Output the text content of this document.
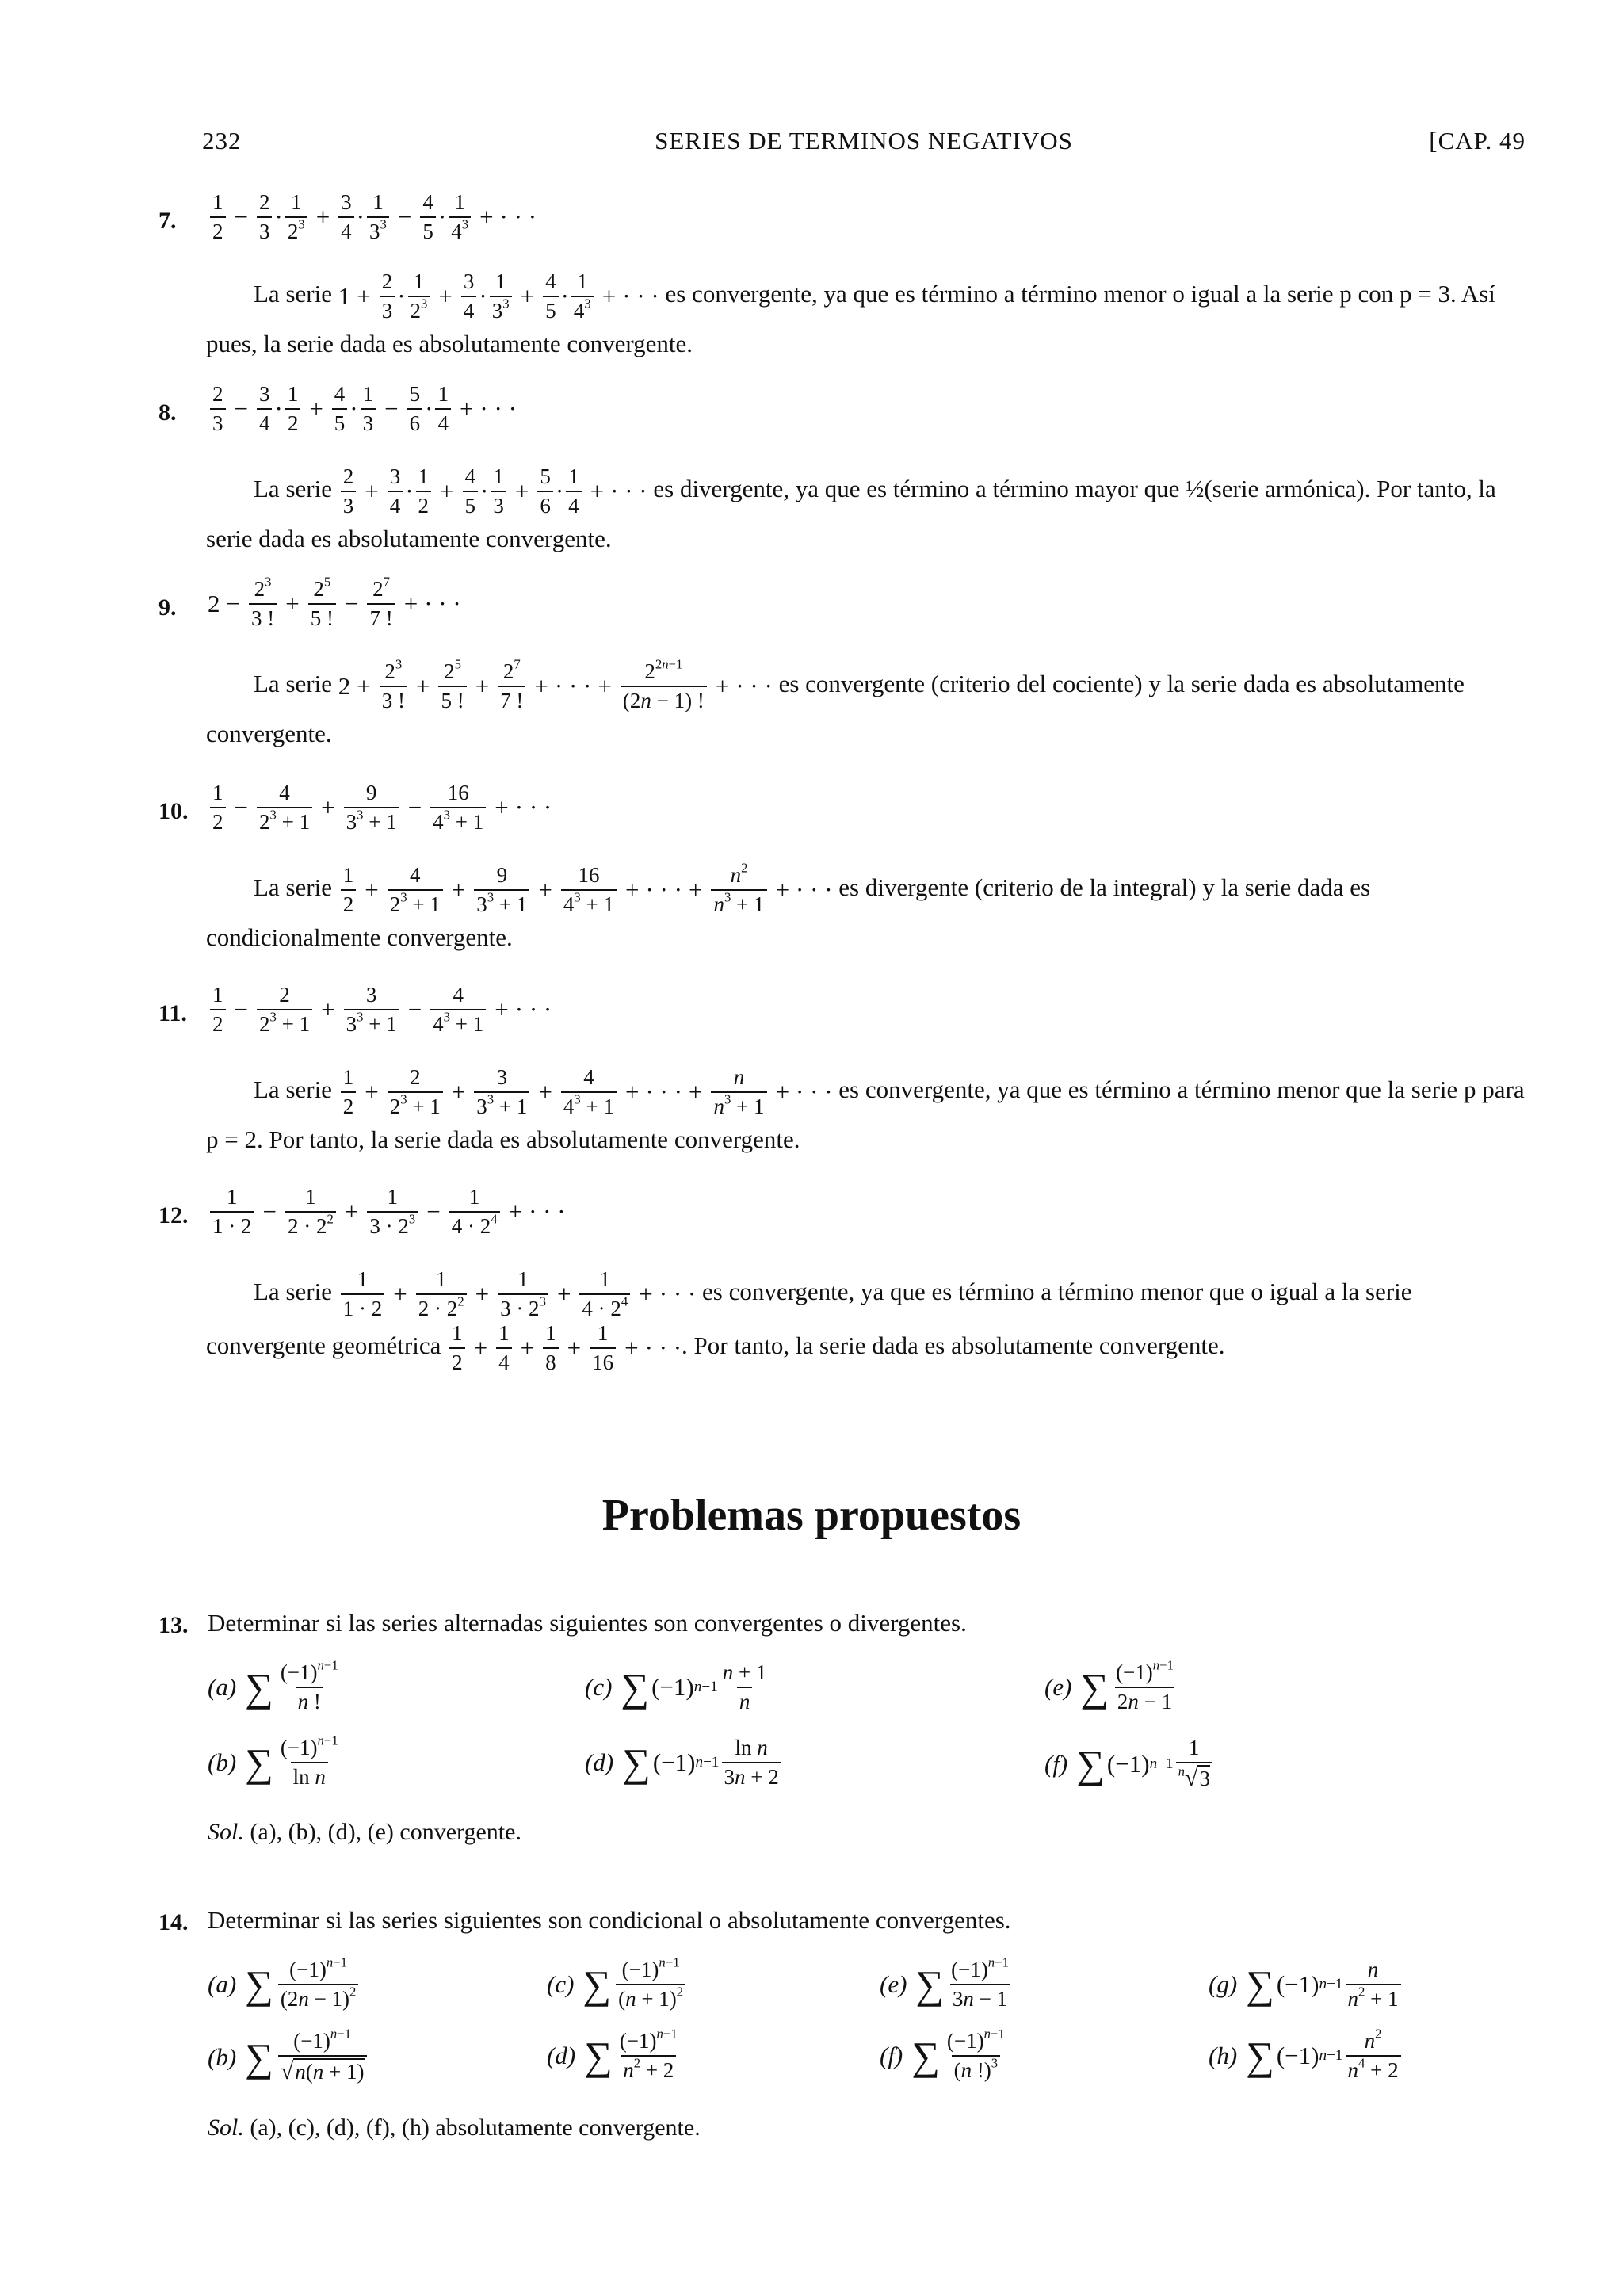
232	SERIES DE TERMINOS NEGATIVOS	[CAP. 49
7.
1
2
− $\frac{2}{3}$ ·
1
$2^3 + \frac{3}{4}$ ·
1
$3^3 - \frac{4}{5}$ ·
1
$4^3$ + · · ·
La serie $1 + \frac{2}{3}$ ·
1
$2^3 + \frac{3}{4}$ ·
1
$3^3 + \frac{4}{5}$ ·
1
$4^3$ + · · · es convergente, ya que es término a término menor o igual a la serie p con p = 3. Así pues, la serie dada es absolutamente convergente.
8.
2
3
− $\frac{3}{4}$ ·
1
2
+ $\frac{4}{5}$ ·
1
3
− $\frac{5}{6}$ ·
1
4
+ · · ·
La serie 2
3
+ $\frac{3}{4}$ ·
1
2
+ $\frac{4}{5}$ ·
1
3
+ $\frac{5}{6}$ ·
1
4
+ · · · es divergente, ya que es término a término mayor que ½(serie armónica). Por tanto, la serie dada es absolutamente convergente.
9. $2 - \frac{2^3}{3 !} + \frac{2^5}{5 !} - \frac{2^7}{7 !}$ + · · ·
La serie $2 + \frac{2^3}{3 !} + \frac{2^5}{5 !} + \frac{2^7}{7 !}$ + · · · + $\frac{2^{2n-1}}{(2n - 1) !}$ + · · · es convergente (criterio del cociente) y la serie dada es absolutamente convergente.
10.
1
2
− $\frac{4}{2^3 + 1} + \frac{9}{3^3 + 1} - \frac{16}{4^3 + 1}$ + · · ·
La serie 1
2
+ $\frac{4}{2^3 + 1} + \frac{9}{3^3 + 1} + \frac{16}{4^3 + 1}$ + · · · + $\frac{n^2}{n^3 + 1}$ + · · · es divergente (criterio de la integral) y la serie dada es condicionalmente convergente.
11.
1
2
− $\frac{2}{2^3 + 1} + \frac{3}{3^3 + 1} - \frac{4}{4^3 + 1}$ + · · ·
La serie 1
2
+ $\frac{2}{2^3 + 1} + \frac{3}{3^3 + 1} + \frac{4}{4^3 + 1}$ + · · · + $\frac{n}{n^3 + 1}$ + · · · es convergente, ya que es término a término menor que la serie p para p = 2. Por tanto, la serie dada es absolutamente convergente.
12.
1
1 · 2
− $\frac{1}{2 \cdot 2^2} + \frac{1}{3 \cdot 2^3} - \frac{1}{4 \cdot 2^4}$ + · · ·
La serie 1
1 · 2
+ $\frac{1}{2 \cdot 2^2} + \frac{1}{3 \cdot 2^3} + \frac{1}{4 \cdot 2^4}$ + · · · es convergente, ya que es término a término menor que o igual a la serie convergente geométrica 1
2
+ $\frac{1}{4} + \frac{1}{8} + \frac{1}{16}$ + · · ·. Por tanto, la serie dada es absolutamente convergente.
Problemas propuestos
13. Determinar si las series alternadas siguientes son convergentes o divergentes.
(a) ∑ $(-1)^{n-1}$
n !
(b) ∑ $(-1)^{n-1}$
ln n
(c) ∑ (−1) n−1
n + 1
n
(d) ∑ (−1) n−1
ln n
3n + 2
(e) ∑ $(-1)^{n-1}$
2n − 1
(f) ∑ (−1) n−1
1
$^n$√3
Sol. (a), (b), (d), (e) convergente.
14. Determinar si las series siguientes son condicional o absolutamente convergentes.
(a) ∑ $(-1)^{n-1}$
$(2n - 1)^2$
(b) ∑ $(-1)^{n-1}$
√n(n + 1)
(c) ∑ $(-1)^{n-1}$
$(n + 1)^2$
(d) ∑ $(-1)^{n-1}$
$n^2 + 2$
(e) ∑ $(-1)^{n-1}$
3n − 1
(f) ∑ $(-1)^{n-1}$
(n !)$^3$
(g) ∑ (−1) n−1
n
$n^2 + 1$
(h) ∑ (−1) n−1
$n^2$
$n^4 + 2$
Sol. (a), (c), (d), (f), (h) absolutamente convergente.
